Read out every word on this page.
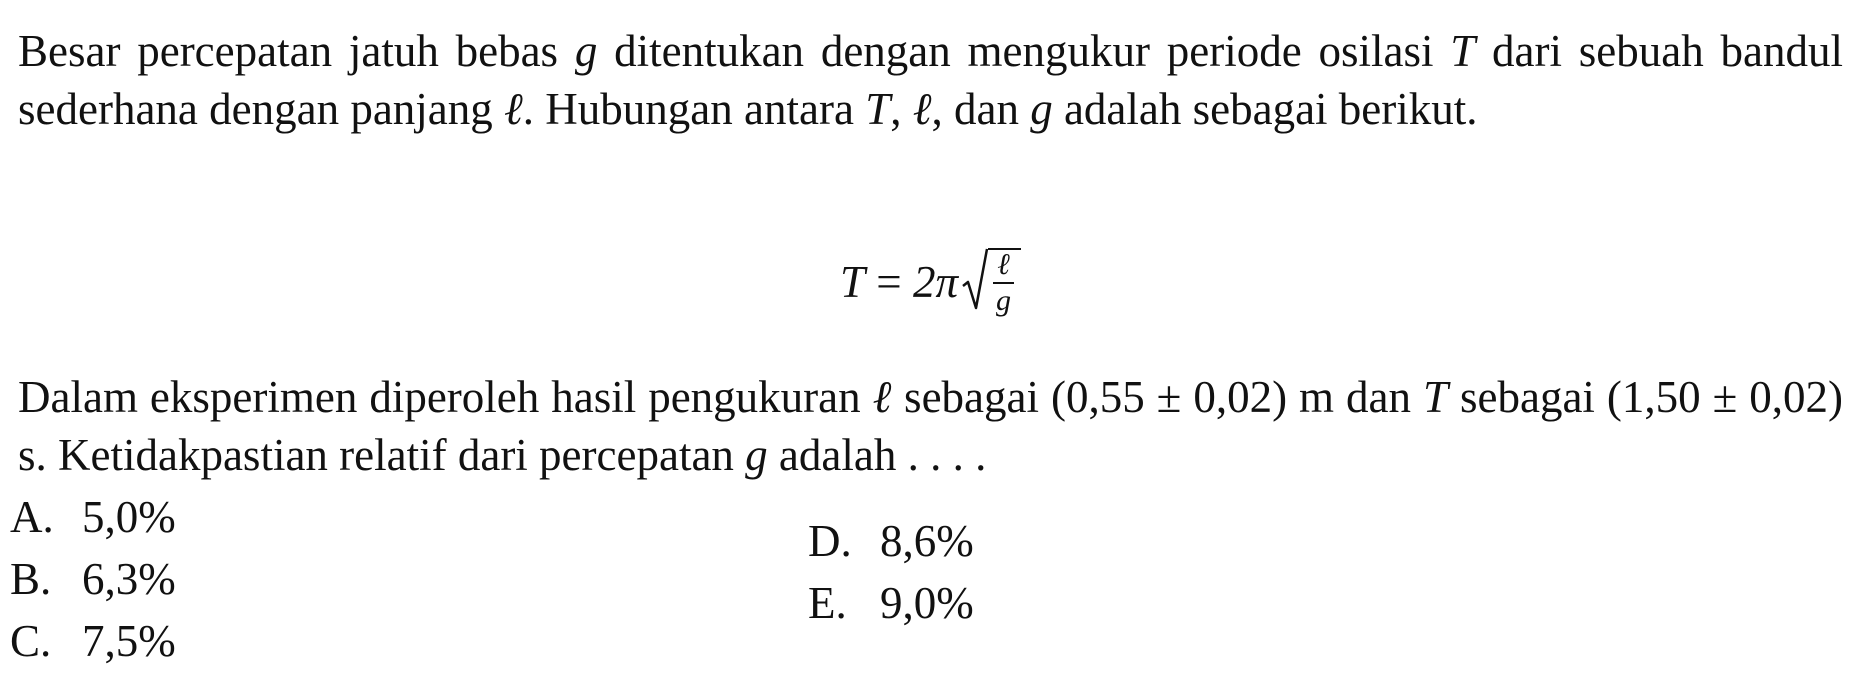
Besar percepatan jatuh bebas g ditentukan dengan mengukur periode osilasi T dari sebuah bandul sederhana dengan panjang ℓ. Hubungan antara T, ℓ, dan g adalah sebagai berikut.
$T = 2\pi \frac{\text{ℓ}}{g}$
Dalam eksperimen diperoleh hasil pengukuran ℓ sebagai (0,55 ± 0,02) m dan T sebagai (1,50 ± 0,02) s. Ketidakpastian relatif dari percepatan g adalah . . . .
A. 5,0%
B. 6,3%
C. 7,5%
D. 8,6%
E. 9,0%
